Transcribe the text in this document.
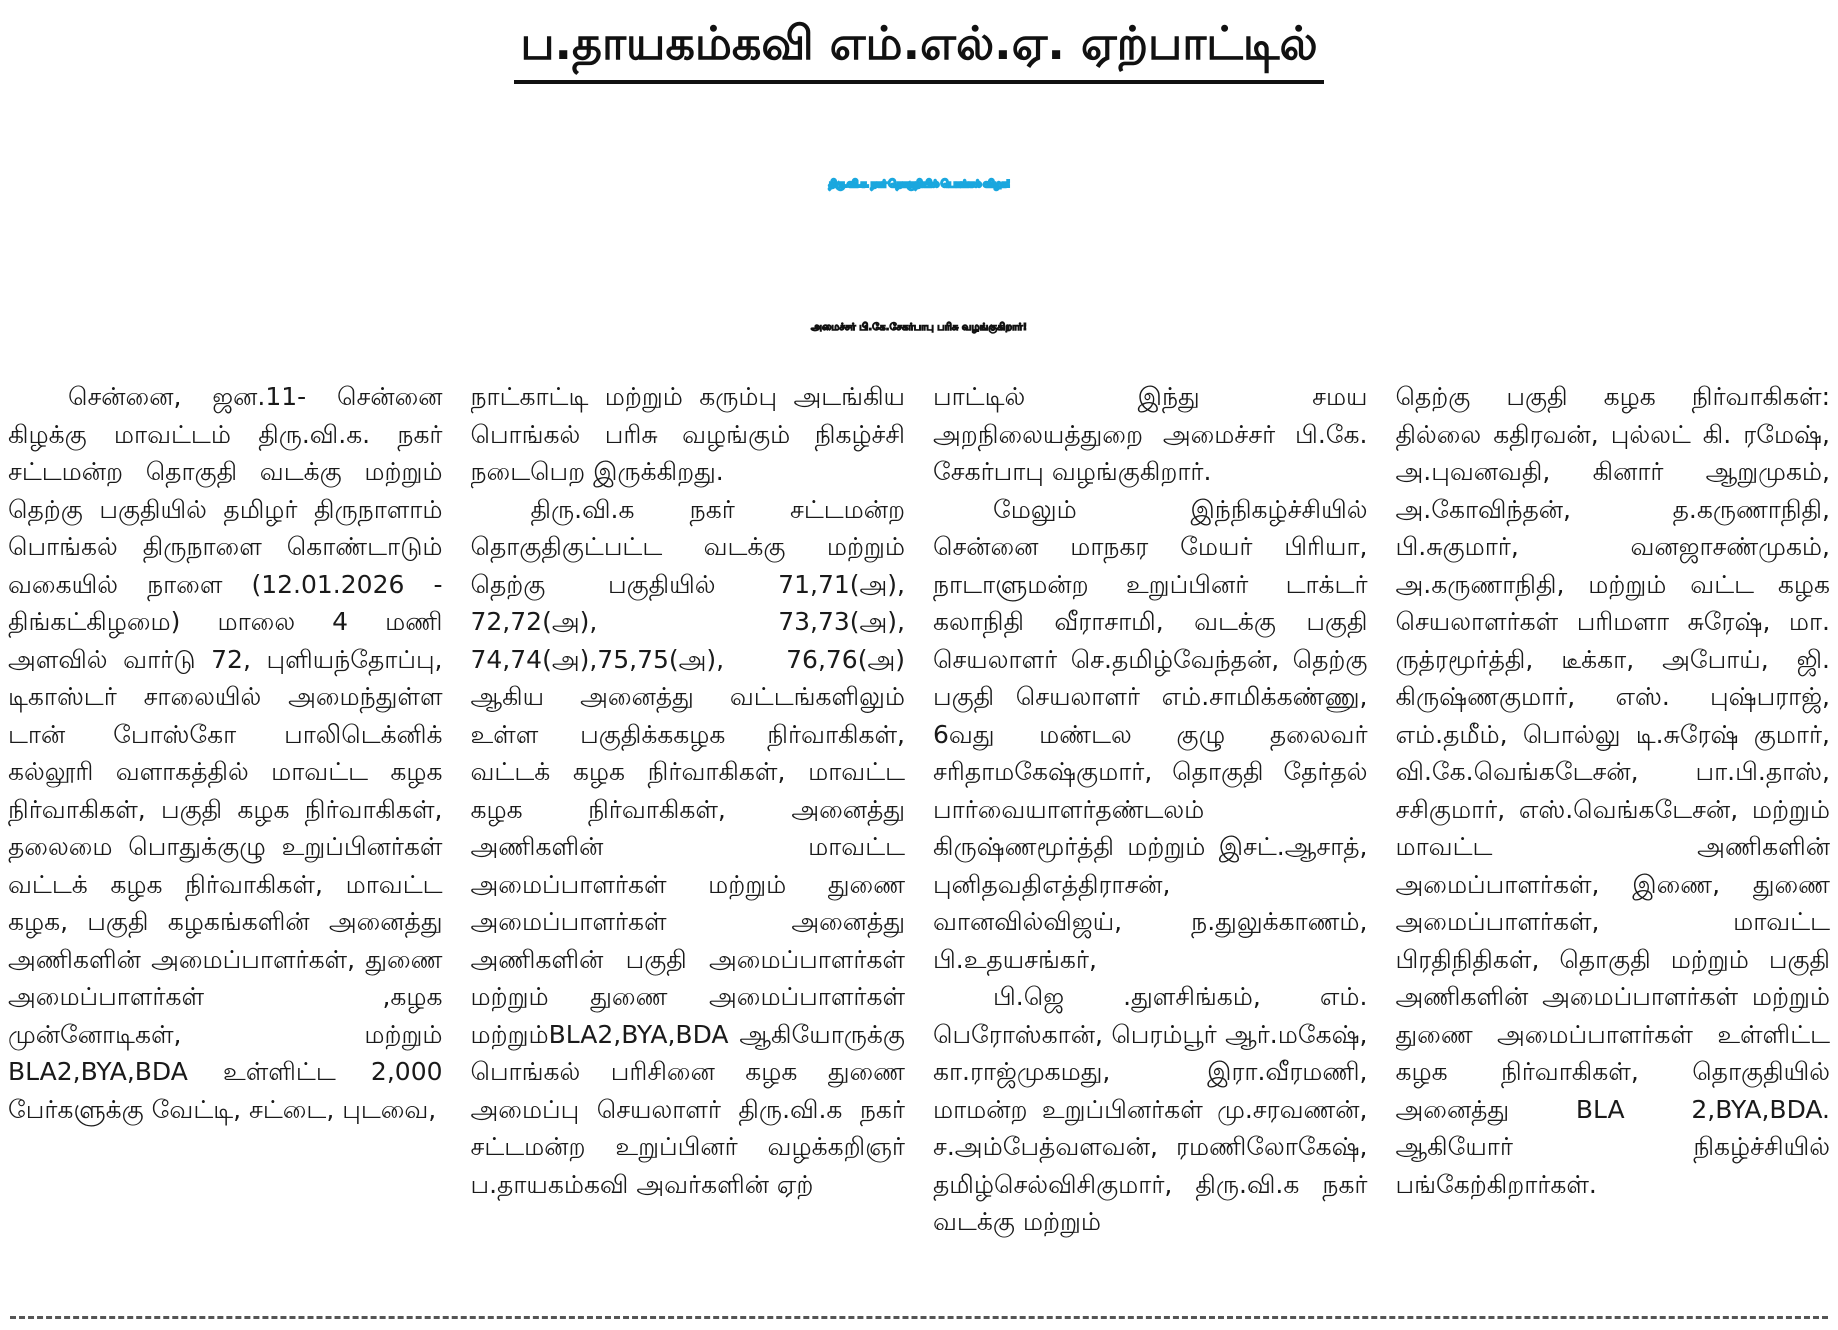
ப.தாயகம்கவி எம்.எல்.ஏ. ஏற்பாட்டில்
திரு.வி.க. நகர் தொகுதியில் பொங்கல் விழா!
அமைச்சர் பி.கே.சேகர்பாபு பரிசு வழங்குகிறார்!

சென்னை, ஜன.11- சென்னை கிழக்கு மாவட்டம் திரு.வி.க. நகர் சட்டமன்ற தொகுதி வடக்கு மற்றும் தெற்கு பகுதியில் தமிழர் திருநாளாம் பொங்கல் திருநாளை கொண்டாடும் வகையில் நாளை (12.01.2026 - திங்கட்கிழமை) மாலை 4 மணி அளவில் வார்டு 72, புளியந்தோப்பு, டிகாஸ்டர் சாலையில் அமைந்துள்ள டான் போஸ்கோ பாலிடெக்னிக் கல்லூரி வளாகத்தில் மாவட்ட கழக நிர்வாகிகள், பகுதி கழக நிர்வாகிகள், தலைமை பொதுக்குழு உறுப்பினர்கள் வட்டக் கழக நிர்வாகிகள், மாவட்ட கழக, பகுதி கழகங்களின் அனைத்து அணிகளின் அமைப்பாளர்கள், துணை அமைப்பாளர்கள் ,கழக முன்னோடிகள், மற்றும் BLA2,BYA,BDA உள்ளிட்ட 2,000 பேர்களுக்கு வேட்டி, சட்டை, புடவை,

நாட்காட்டி மற்றும் கரும்பு அடங்கிய பொங்கல் பரிசு வழங்கும் நிகழ்ச்சி நடைபெற இருக்கிறது.

திரு.வி.க நகர் சட்டமன்ற தொகுதிகுட்பட்ட வடக்கு மற்றும் தெற்கு பகுதியில் 71,71(அ), 72,72(அ), 73,73(அ), 74,74(அ),75,75(அ), 76,76(அ) ஆகிய அனைத்து வட்டங்களிலும் உள்ள பகுதிக்ககழக நிர்வாகிகள், வட்டக் கழக நிர்வாகிகள், மாவட்ட கழக நிர்வாகிகள், அனைத்து அணிகளின் மாவட்ட அமைப்பாளர்கள் மற்றும் துணை அமைப்பாளர்கள் அனைத்து அணிகளின் பகுதி அமைப்பாளர்கள் மற்றும் துணை அமைப்பாளர்கள் மற்றும்BLA2,BYA,BDA ஆகியோருக்கு பொங்கல் பரிசினை கழக துணை அமைப்பு செயலாளர் திரு.வி.க நகர் சட்டமன்ற உறுப்பினர் வழக்கறிஞர் ப.தாயகம்கவி அவர்களின் ஏற்

பாட்டில் இந்து சமய அறநிலையத்துறை அமைச்சர் பி.கே. சேகர்பாபு வழங்குகிறார்.

மேலும் இந்நிகழ்ச்சியில் சென்னை மாநகர மேயர் பிரியா, நாடாளுமன்ற உறுப்பினர் டாக்டர் கலாநிதி வீராசாமி, வடக்கு பகுதி செயலாளர் செ.தமிழ்வேந்தன், தெற்கு பகுதி செயலாளர் எம்.சாமிக்கண்ணு, 6வது மண்டல குழு தலைவர் சரிதாமகேஷ்குமார், தொகுதி தேர்தல் பார்வையாளர்தண்டலம் கிருஷ்ணமூர்த்தி மற்றும் இசட்.ஆசாத், புனிதவதிஎத்திராசன், வானவில்விஜய், ந.துலுக்காணம், பி.உதயசங்கர்,

பி.ஜெ .துளசிங்கம், எம். பெரோஸ்கான், பெரம்பூர் ஆர்.மகேஷ், கா.ராஜ்முகமது, இரா.வீரமணி, மாமன்ற உறுப்பினர்கள் மு.சரவணன், ச.அம்பேத்வளவன், ரமணிலோகேஷ், தமிழ்செல்விசிகுமார், திரு.வி.க நகர் வடக்கு மற்றும்

தெற்கு பகுதி கழக நிர்வாகிகள்: தில்லை கதிரவன், புல்லட் கி. ரமேஷ், அ.புவனவதி, கினார் ஆறுமுகம், அ.கோவிந்தன், த.கருணாநிதி, பி.சுகுமார், வனஜாசண்முகம், அ.கருணாநிதி, மற்றும் வட்ட கழக செயலாளர்கள் பரிமளா சுரேஷ், மா. ருத்ரமூர்த்தி, டீக்கா, அபோய், ஜி. கிருஷ்ணகுமார், எஸ். புஷ்பராஜ், எம்.தமீம், பொல்லு டி.சுரேஷ் குமார், வி.கே.வெங்கடேசன், பா.பி.தாஸ், சசிகுமார், எஸ்.வெங்கடேசன், மற்றும் மாவட்ட அணிகளின் அமைப்பாளர்கள், இணை, துணை அமைப்பாளர்கள், மாவட்ட பிரதிநிதிகள், தொகுதி மற்றும் பகுதி அணிகளின் அமைப்பாளர்கள் மற்றும் துணை அமைப்பாளர்கள் உள்ளிட்ட கழக நிர்வாகிகள், தொகுதியில் அனைத்து BLA 2,BYA,BDA. ஆகியோர் நிகழ்ச்சியில் பங்கேற்கிறார்கள்.
